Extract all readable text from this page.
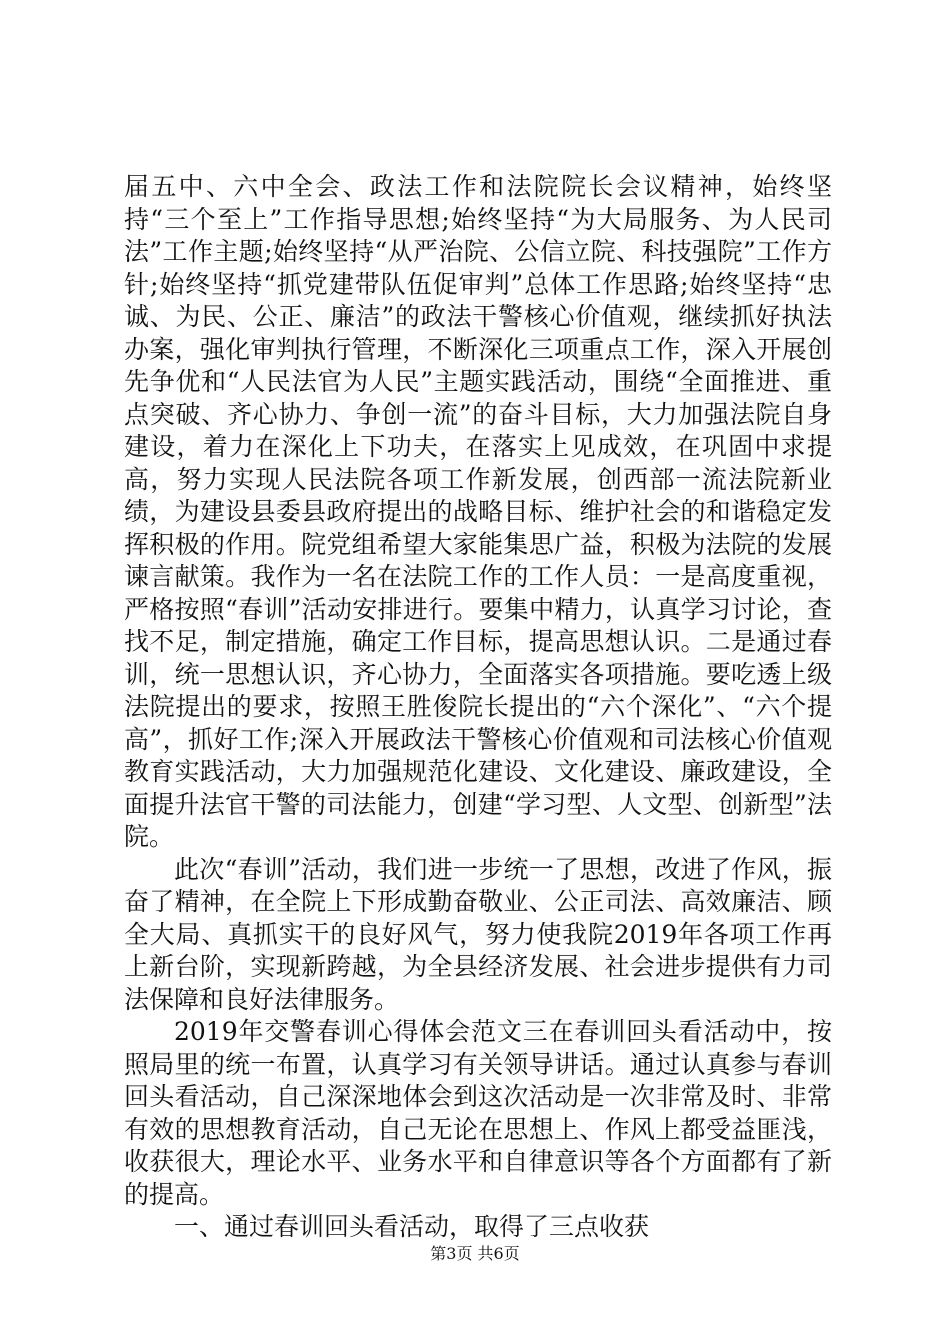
届五中、六中全会、政法工作和法院院长会议精神，始终坚持“三个至上”工作指导思想;始终坚持“为大局服务、为人民司法”工作主题;始终坚持“从严治院、公信立院、科技强院”工作方针;始终坚持“抓党建带队伍促审判”总体工作思路;始终坚持“忠诚、为民、公正、廉洁”的政法干警核心价值观，继续抓好执法办案，强化审判执行管理，不断深化三项重点工作，深入开展创先争优和“人民法官为人民”主题实践活动，围绕“全面推进、重点突破、齐心协力、争创一流”的奋斗目标，大力加强法院自身建设，着力在深化上下功夫，在落实上见成效，在巩固中求提高，努力实现人民法院各项工作新发展，创西部一流法院新业绩，为建设县委县政府提出的战略目标、维护社会的和谐稳定发挥积极的作用。院党组希望大家能集思广益，积极为法院的发展谏言献策。我作为一名在法院工作的工作人员：一是高度重视，严格按照“春训”活动安排进行。要集中精力，认真学习讨论，查找不足，制定措施，确定工作目标，提高思想认识。二是通过春训，统一思想认识，齐心协力，全面落实各项措施。要吃透上级法院提出的要求，按照王胜俊院长提出的“六个深化”、“六个提高”，抓好工作;深入开展政法干警核心价值观和司法核心价值观教育实践活动，大力加强规范化建设、文化建设、廉政建设，全面提升法官干警的司法能力，创建“学习型、人文型、创新型”法院。

此次“春训”活动，我们进一步统一了思想，改进了作风，振奋了精神，在全院上下形成勤奋敬业、公正司法、高效廉洁、顾全大局、真抓实干的良好风气，努力使我院2019年各项工作再上新台阶，实现新跨越，为全县经济发展、社会进步提供有力司法保障和良好法律服务。

2019年交警春训心得体会范文三在春训回头看活动中，按照局里的统一布置，认真学习有关领导讲话。通过认真参与春训回头看活动，自己深深地体会到这次活动是一次非常及时、非常有效的思想教育活动，自己无论在思想上、作风上都受益匪浅，收获很大，理论水平、业务水平和自律意识等各个方面都有了新的提高。

一、通过春训回头看活动，取得了三点收获

第3页 共6页
